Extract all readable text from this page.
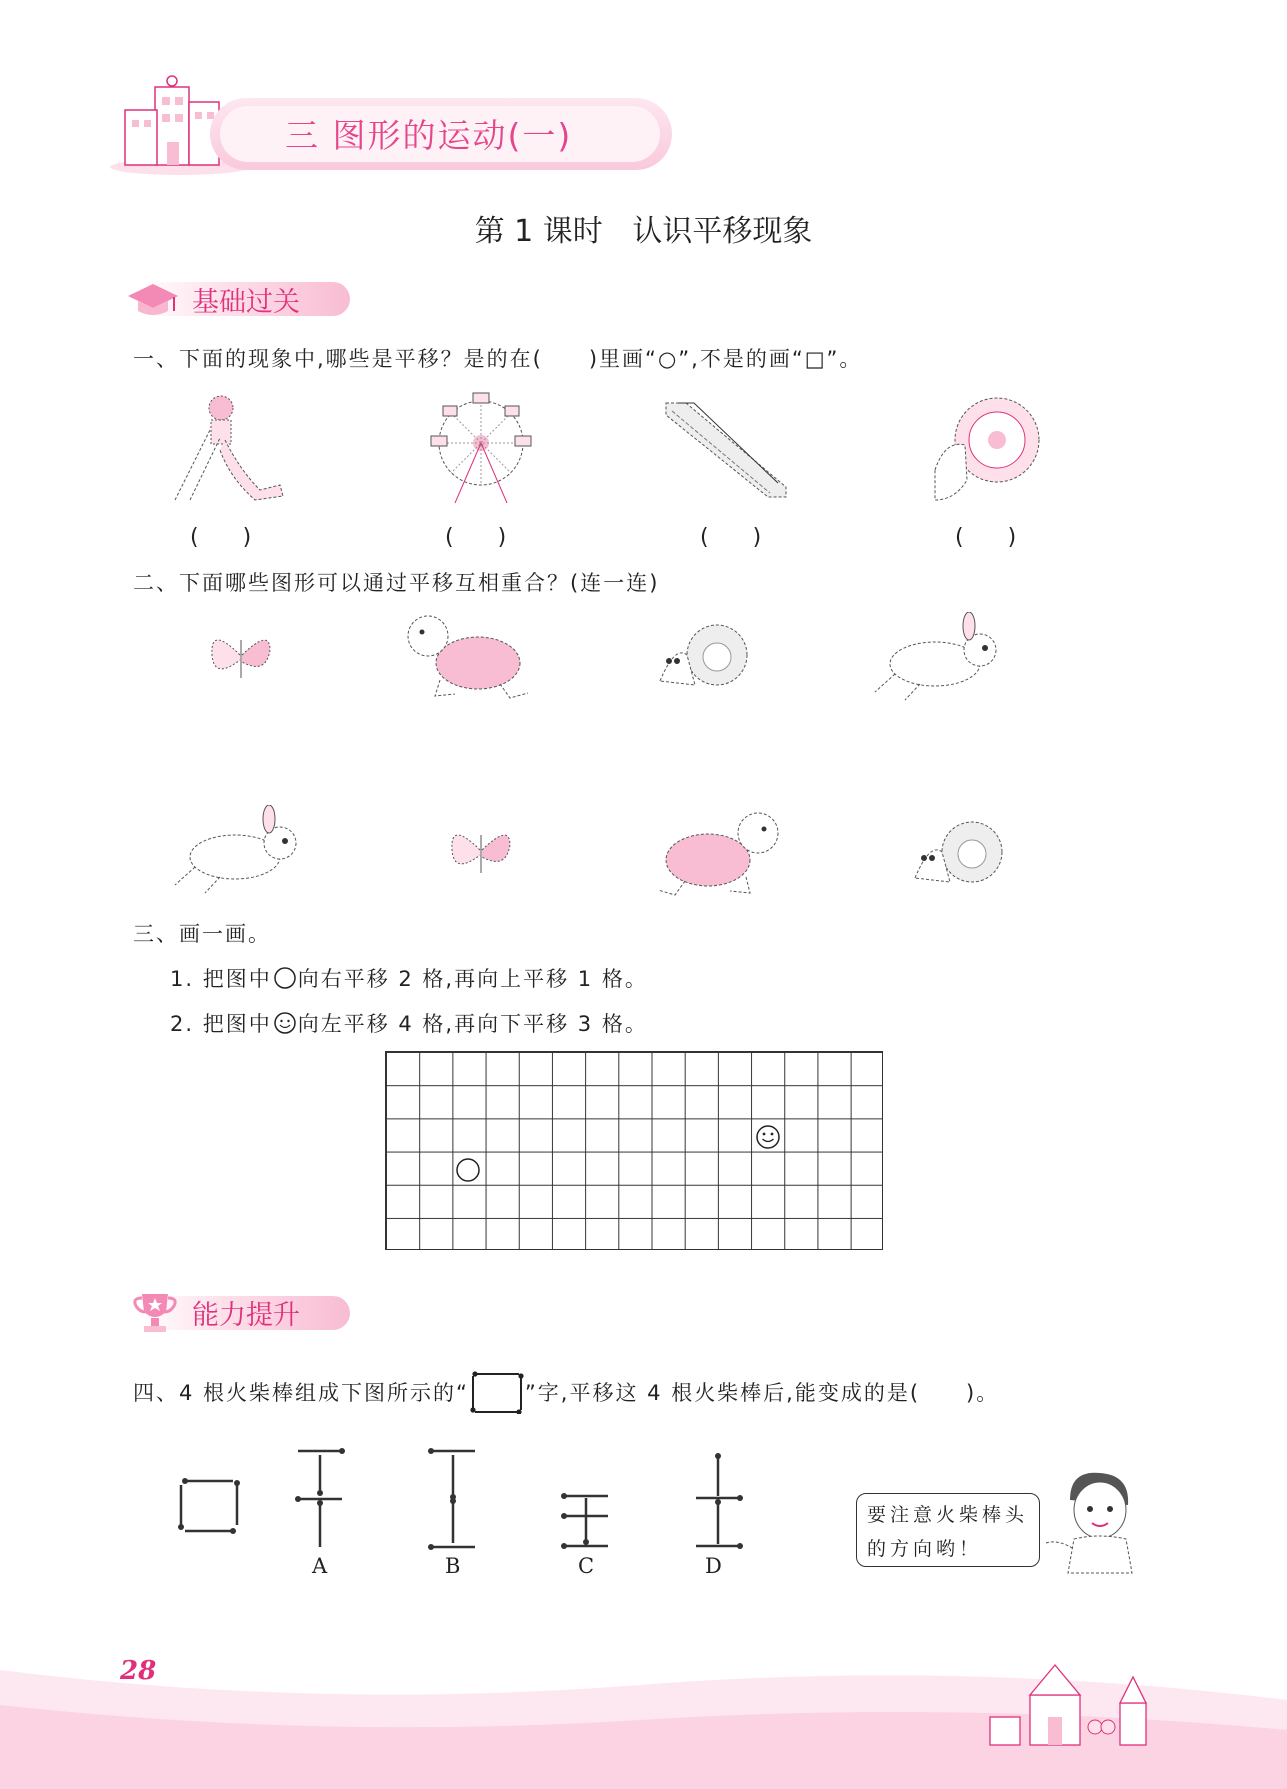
三 图形的运动(一)
第 1 课时 认识平移现象
基础过关
一、下面的现象中,哪些是平移？是的在(　　)里画“○”,不是的画“□”。
(　　)	(　　)	(　　)	(　　)
二、下面哪些图形可以通过平移互相重合？(连一连)
三、画一画。
1. 把图中 向右平移 2 格,再向上平移 1 格。
2. 把图中 向左平移 4 格,再向下平移 3 格。
能力提升
四、4 根火柴棒组成下图所示的“	”字,平移这 4 根火柴棒后,能变成的是(　　)。
A	B	C	D
要注意火柴棒头的方向哟！
28
